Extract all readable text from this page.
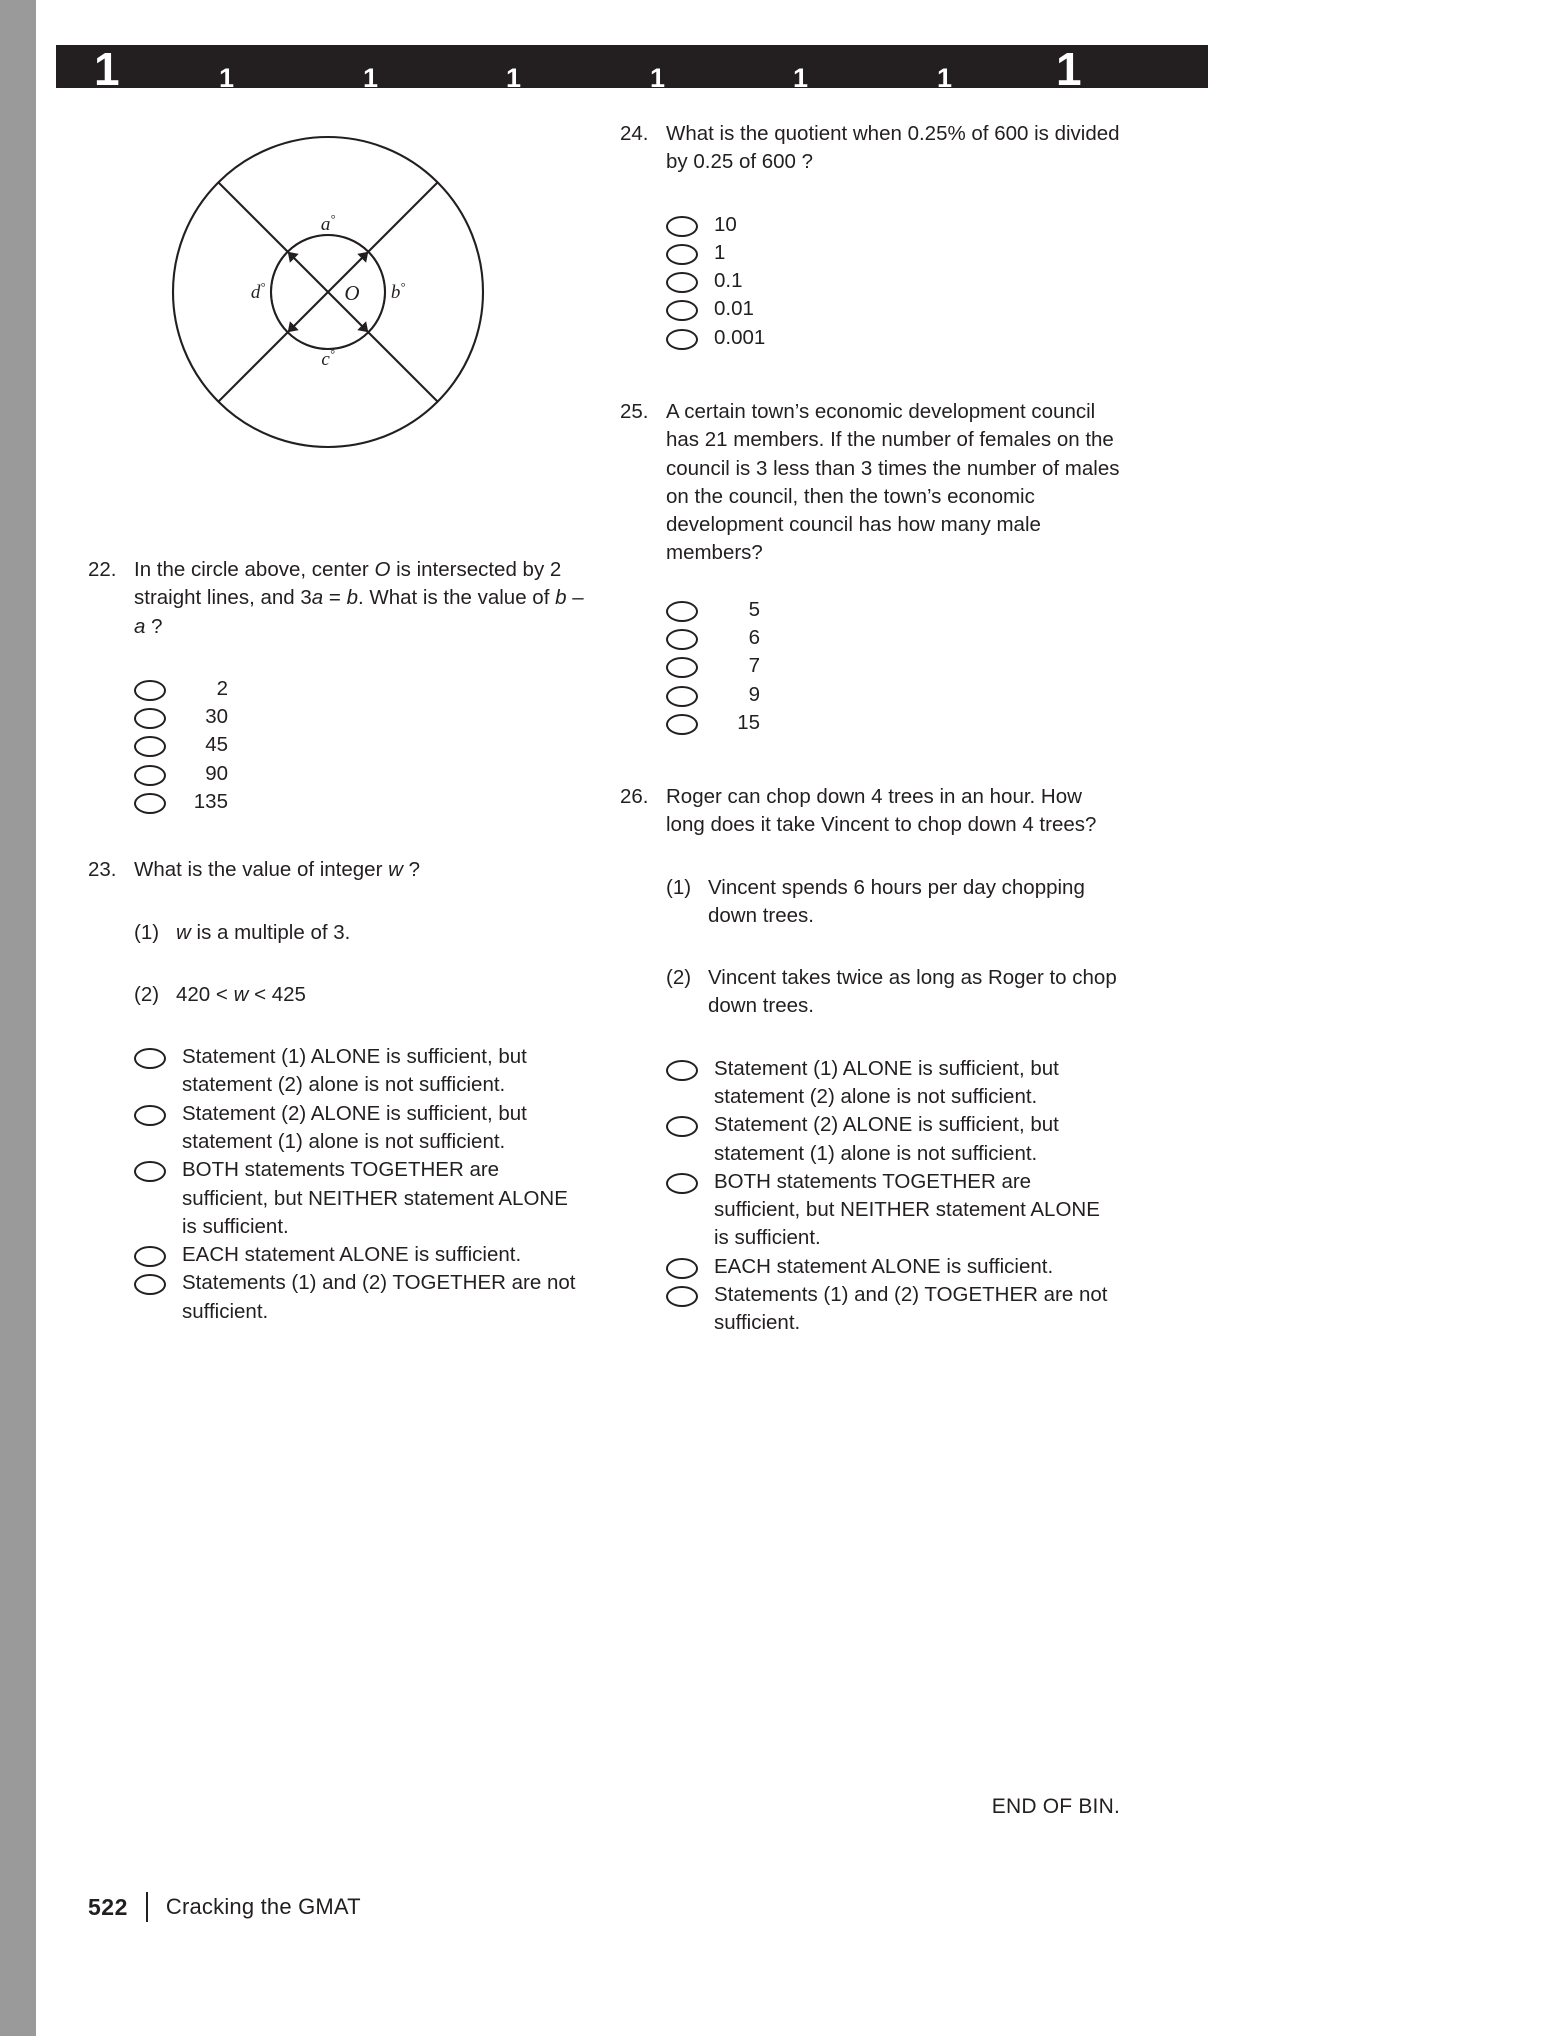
1	1	1	1	1	1	1 1
a°
b°
c°
d°	O
22. In the circle above, center O is intersected by 2 straight lines, and 3a = b. What is the value of b – a ?
2
30
45
90
135
23. What is the value of integer w ?
(1) w is a multiple of 3.
(2) 420 < w < 425
Statement (1) ALONE is sufficient, but statement (2) alone is not sufficient.
Statement (2) ALONE is sufficient, but statement (1) alone is not sufficient.
BOTH statements TOGETHER are sufficient, but NEITHER statement ALONE is sufficient.
EACH statement ALONE is sufficient.
Statements (1) and (2) TOGETHER are not sufficient.
24. What is the quotient when 0.25% of 600 is divided by 0.25 of 600 ?
10
1
0.1
0.01
0.001
25. A certain town’s economic development council has 21 members. If the number of females on the council is 3 less than 3 times the number of males on the council, then the town’s economic development council has how many male members?
5
6
7
9
15
26. Roger can chop down 4 trees in an hour. How long does it take Vincent to chop down 4 trees?
(1) Vincent spends 6 hours per day chopping down trees.
(2) Vincent takes twice as long as Roger to chop down trees.
Statement (1) ALONE is sufficient, but statement (2) alone is not sufficient.
Statement (2) ALONE is sufficient, but statement (1) alone is not sufficient.
BOTH statements TOGETHER are sufficient, but NEITHER statement ALONE is sufficient.
EACH statement ALONE is sufficient.
Statements (1) and (2) TOGETHER are not sufficient.
END OF BIN.
522 Cracking the GMAT
